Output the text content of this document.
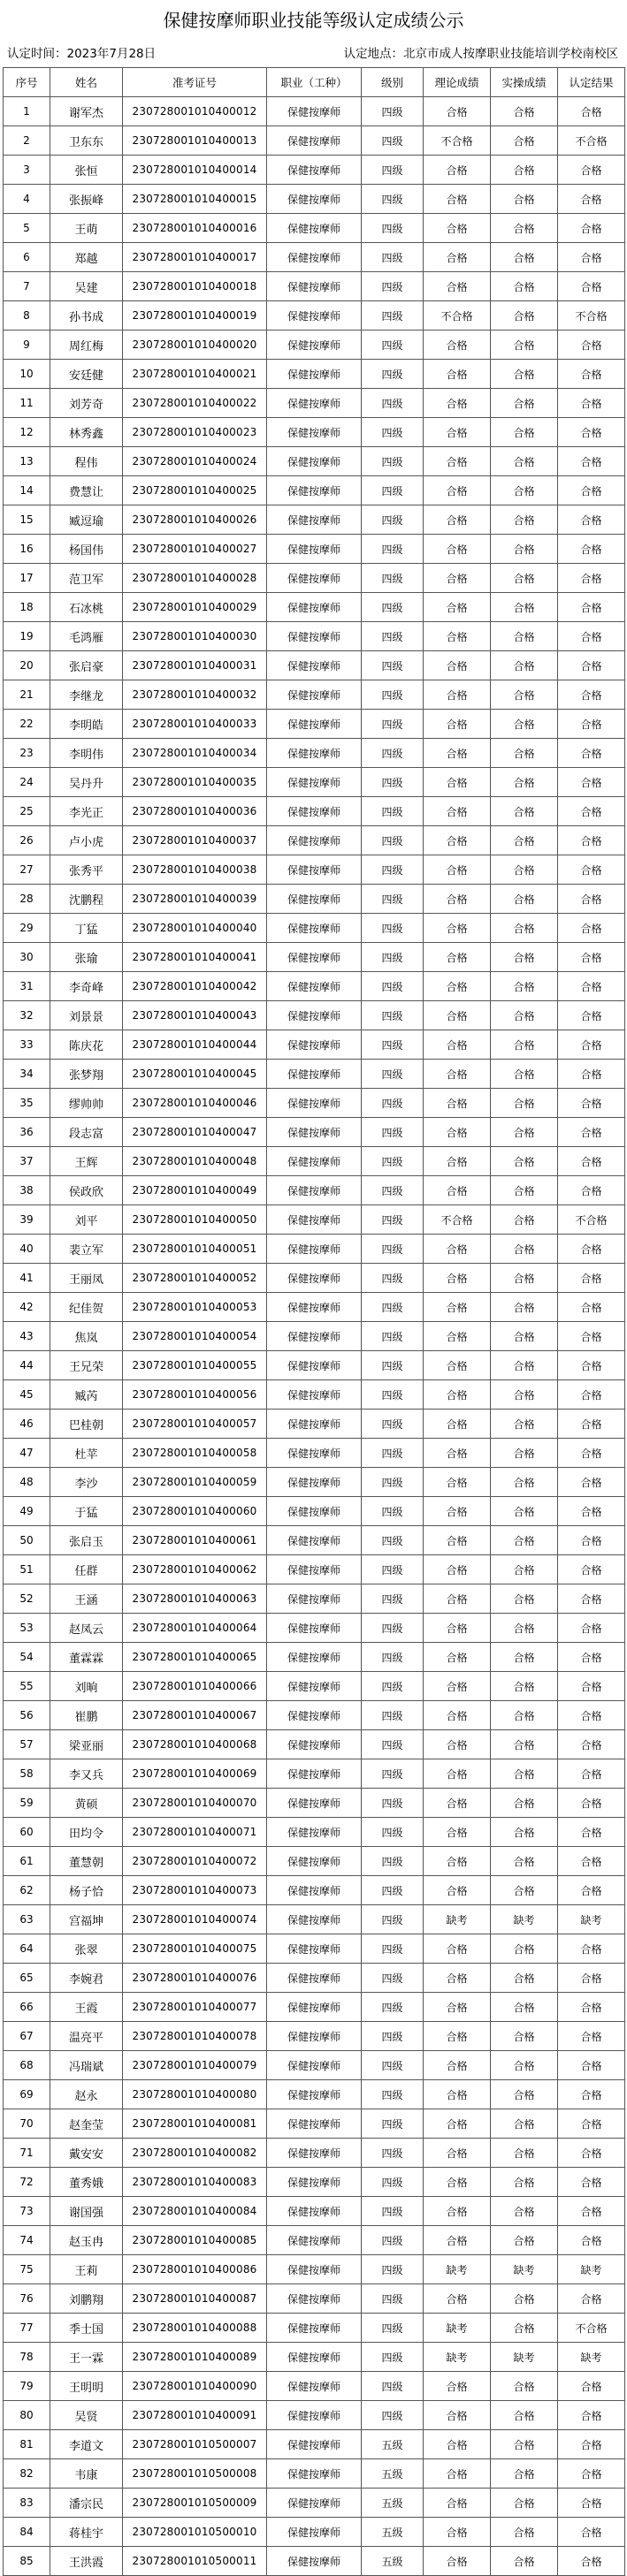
保健按摩师职业技能等级认定成绩公示
认定时间：2023年7月28日	认定地点：北京市成人按摩职业技能培训学校南校区
序号	姓名	准考证号	职业（工种）	级别	理论成绩	实操成绩	认定结果
1	谢军杰	230728001010400012	保健按摩师	四级	合格	合格	合格
2	卫东东	230728001010400013	保健按摩师	四级	不合格	合格	不合格
3	张恒	230728001010400014	保健按摩师	四级	合格	合格	合格
4	张振峰	230728001010400015	保健按摩师	四级	合格	合格	合格
5	王萌	230728001010400016	保健按摩师	四级	合格	合格	合格
6	郑越	230728001010400017	保健按摩师	四级	合格	合格	合格
7	吴建	230728001010400018	保健按摩师	四级	合格	合格	合格
8	孙书成	230728001010400019	保健按摩师	四级	不合格	合格	不合格
9	周红梅	230728001010400020	保健按摩师	四级	合格	合格	合格
10	安廷健	230728001010400021	保健按摩师	四级	合格	合格	合格
11	刘芳奇	230728001010400022	保健按摩师	四级	合格	合格	合格
12	林秀鑫	230728001010400023	保健按摩师	四级	合格	合格	合格
13	程伟	230728001010400024	保健按摩师	四级	合格	合格	合格
14	费慧让	230728001010400025	保健按摩师	四级	合格	合格	合格
15	臧逗瑜	230728001010400026	保健按摩师	四级	合格	合格	合格
16	杨国伟	230728001010400027	保健按摩师	四级	合格	合格	合格
17	范卫军	230728001010400028	保健按摩师	四级	合格	合格	合格
18	石冰桃	230728001010400029	保健按摩师	四级	合格	合格	合格
19	毛鸿雁	230728001010400030	保健按摩师	四级	合格	合格	合格
20	张启豪	230728001010400031	保健按摩师	四级	合格	合格	合格
21	李继龙	230728001010400032	保健按摩师	四级	合格	合格	合格
22	李明皓	230728001010400033	保健按摩师	四级	合格	合格	合格
23	李明伟	230728001010400034	保健按摩师	四级	合格	合格	合格
24	吴丹升	230728001010400035	保健按摩师	四级	合格	合格	合格
25	李光正	230728001010400036	保健按摩师	四级	合格	合格	合格
26	卢小虎	230728001010400037	保健按摩师	四级	合格	合格	合格
27	张秀平	230728001010400038	保健按摩师	四级	合格	合格	合格
28	沈鹏程	230728001010400039	保健按摩师	四级	合格	合格	合格
29	丁猛	230728001010400040	保健按摩师	四级	合格	合格	合格
30	张瑜	230728001010400041	保健按摩师	四级	合格	合格	合格
31	李奇峰	230728001010400042	保健按摩师	四级	合格	合格	合格
32	刘景景	230728001010400043	保健按摩师	四级	合格	合格	合格
33	陈庆花	230728001010400044	保健按摩师	四级	合格	合格	合格
34	张梦翔	230728001010400045	保健按摩师	四级	合格	合格	合格
35	缪帅帅	230728001010400046	保健按摩师	四级	合格	合格	合格
36	段志富	230728001010400047	保健按摩师	四级	合格	合格	合格
37	王辉	230728001010400048	保健按摩师	四级	合格	合格	合格
38	侯政欣	230728001010400049	保健按摩师	四级	合格	合格	合格
39	刘平	230728001010400050	保健按摩师	四级	不合格	合格	不合格
40	裴立军	230728001010400051	保健按摩师	四级	合格	合格	合格
41	王丽凤	230728001010400052	保健按摩师	四级	合格	合格	合格
42	纪佳贺	230728001010400053	保健按摩师	四级	合格	合格	合格
43	焦岚	230728001010400054	保健按摩师	四级	合格	合格	合格
44	王兄荣	230728001010400055	保健按摩师	四级	合格	合格	合格
45	臧芮	230728001010400056	保健按摩师	四级	合格	合格	合格
46	巴桂朝	230728001010400057	保健按摩师	四级	合格	合格	合格
47	杜苹	230728001010400058	保健按摩师	四级	合格	合格	合格
48	李沙	230728001010400059	保健按摩师	四级	合格	合格	合格
49	于猛	230728001010400060	保健按摩师	四级	合格	合格	合格
50	张启玉	230728001010400061	保健按摩师	四级	合格	合格	合格
51	任群	230728001010400062	保健按摩师	四级	合格	合格	合格
52	王涵	230728001010400063	保健按摩师	四级	合格	合格	合格
53	赵凤云	230728001010400064	保健按摩师	四级	合格	合格	合格
54	董霖霖	230728001010400065	保健按摩师	四级	合格	合格	合格
55	刘晌	230728001010400066	保健按摩师	四级	合格	合格	合格
56	崔鹏	230728001010400067	保健按摩师	四级	合格	合格	合格
57	梁亚丽	230728001010400068	保健按摩师	四级	合格	合格	合格
58	李又兵	230728001010400069	保健按摩师	四级	合格	合格	合格
59	黄硕	230728001010400070	保健按摩师	四级	合格	合格	合格
60	田均令	230728001010400071	保健按摩师	四级	合格	合格	合格
61	董慧朝	230728001010400072	保健按摩师	四级	合格	合格	合格
62	杨子恰	230728001010400073	保健按摩师	四级	合格	合格	合格
63	宫福坤	230728001010400074	保健按摩师	四级	缺考	缺考	缺考
64	张翠	230728001010400075	保健按摩师	四级	合格	合格	合格
65	李婉君	230728001010400076	保健按摩师	四级	合格	合格	合格
66	王霞	230728001010400077	保健按摩师	四级	合格	合格	合格
67	温亮平	230728001010400078	保健按摩师	四级	合格	合格	合格
68	冯瑞斌	230728001010400079	保健按摩师	四级	合格	合格	合格
69	赵永	230728001010400080	保健按摩师	四级	合格	合格	合格
70	赵奎莹	230728001010400081	保健按摩师	四级	合格	合格	合格
71	戴安安	230728001010400082	保健按摩师	四级	合格	合格	合格
72	董秀娥	230728001010400083	保健按摩师	四级	合格	合格	合格
73	谢国强	230728001010400084	保健按摩师	四级	合格	合格	合格
74	赵玉冉	230728001010400085	保健按摩师	四级	合格	合格	合格
75	王莉	230728001010400086	保健按摩师	四级	缺考	缺考	缺考
76	刘鹏翔	230728001010400087	保健按摩师	四级	合格	合格	合格
77	季士国	230728001010400088	保健按摩师	四级	缺考	合格	不合格
78	王一霖	230728001010400089	保健按摩师	四级	缺考	缺考	缺考
79	王明明	230728001010400090	保健按摩师	四级	合格	合格	合格
80	吴贤	230728001010400091	保健按摩师	四级	合格	合格	合格
81	李道文	230728001010500007	保健按摩师	五级	合格	合格	合格
82	韦康	230728001010500008	保健按摩师	五级	合格	合格	合格
83	潘宗民	230728001010500009	保健按摩师	五级	合格	合格	合格
84	蒋桂宇	230728001010500010	保健按摩师	五级	合格	合格	合格
85	王洪霞	230728001010500011	保健按摩师	五级	合格	合格	合格
